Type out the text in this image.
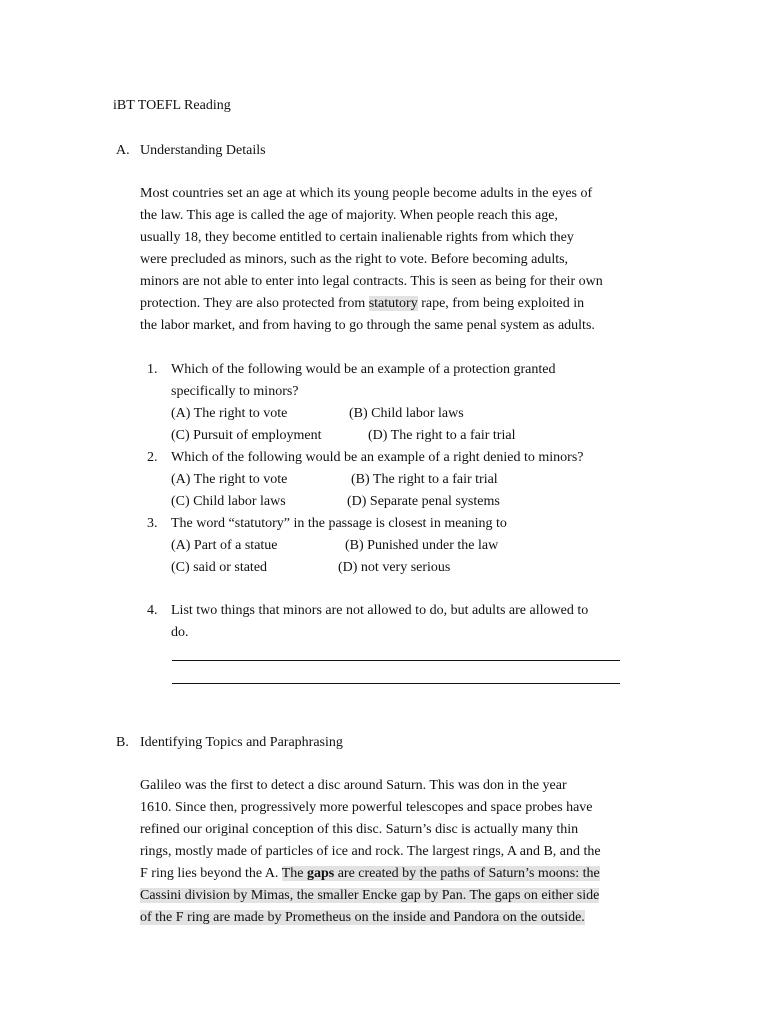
iBT TOEFL Reading
A. Understanding Details
Most countries set an age at which its young people become adults in the eyes of
the law. This age is called the age of majority. When people reach this age,
usually 18, they become entitled to certain inalienable rights from which they
were precluded as minors, such as the right to vote. Before becoming adults,
minors are not able to enter into legal contracts. This is seen as being for their own
protection. They are also protected from statutory rape, from being exploited in
the labor market, and from having to go through the same penal system as adults.
1. Which of the following would be an example of a protection granted
specifically to minors?
(A) The right to vote	(B) Child labor laws
(C) Pursuit of employment	(D) The right to a fair trial
2. Which of the following would be an example of a right denied to minors?
(A) The right to vote	(B) The right to a fair trial
(C) Child labor laws	(D) Separate penal systems
3. The word “statutory” in the passage is closest in meaning to
(A) Part of a statue	(B) Punished under the law
(C) said or stated	(D) not very serious
4. List two things that minors are not allowed to do, but adults are allowed to
do.
B. Identifying Topics and Paraphrasing
Galileo was the first to detect a disc around Saturn. This was don in the year
1610. Since then, progressively more powerful telescopes and space probes have
refined our original conception of this disc. Saturn’s disc is actually many thin
rings, mostly made of particles of ice and rock. The largest rings, A and B, and the
F ring lies beyond the A. The gaps are created by the paths of Saturn’s moons: the
Cassini division by Mimas, the smaller Encke gap by Pan. The gaps on either side
of the F ring are made by Prometheus on the inside and Pandora on the outside.
